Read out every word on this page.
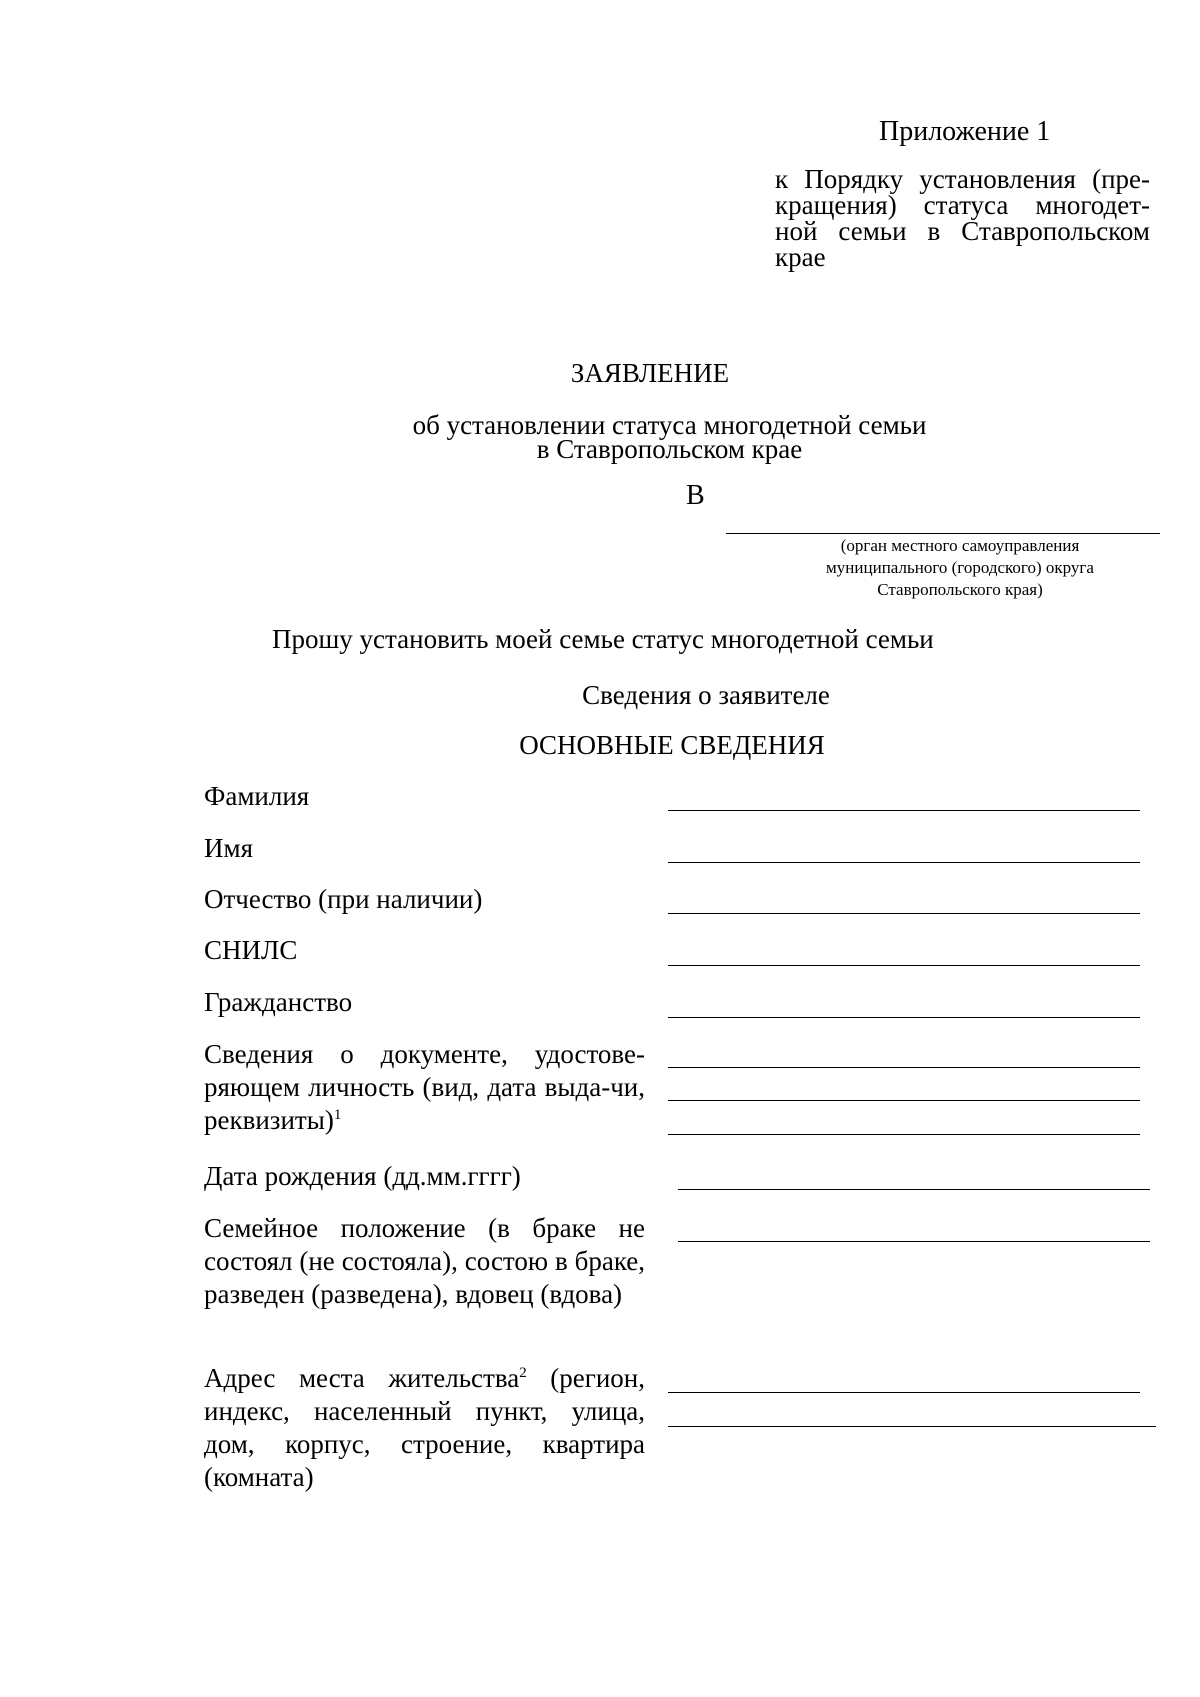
Приложение 1
к Порядку установления (пре-кращения) статуса многодет-ной семьи в Ставропольском крае
ЗАЯВЛЕНИЕ
об установлении статуса многодетной семьи
в Ставропольском крае
В
(орган местного самоуправления
муниципального (городского) округа
Ставропольского края)
Прошу установить моей семье статус многодетной семьи
Сведения о заявителе
ОСНОВНЫЕ СВЕДЕНИЯ
Фамилия
Имя
Отчество (при наличии)
СНИЛС
Гражданство
Сведения о документе, удостове-ряющем личность (вид, дата выда-чи, реквизиты)$^1$
Дата рождения (дд.мм.гггг)
Семейное положение (в браке не состоял (не состояла), состою в браке, разведен (разведена), вдовец (вдова)
Адрес места жительства$^2$ (регион, индекс, населенный пункт, улица, дом, корпус, строение, квартира (комната)
